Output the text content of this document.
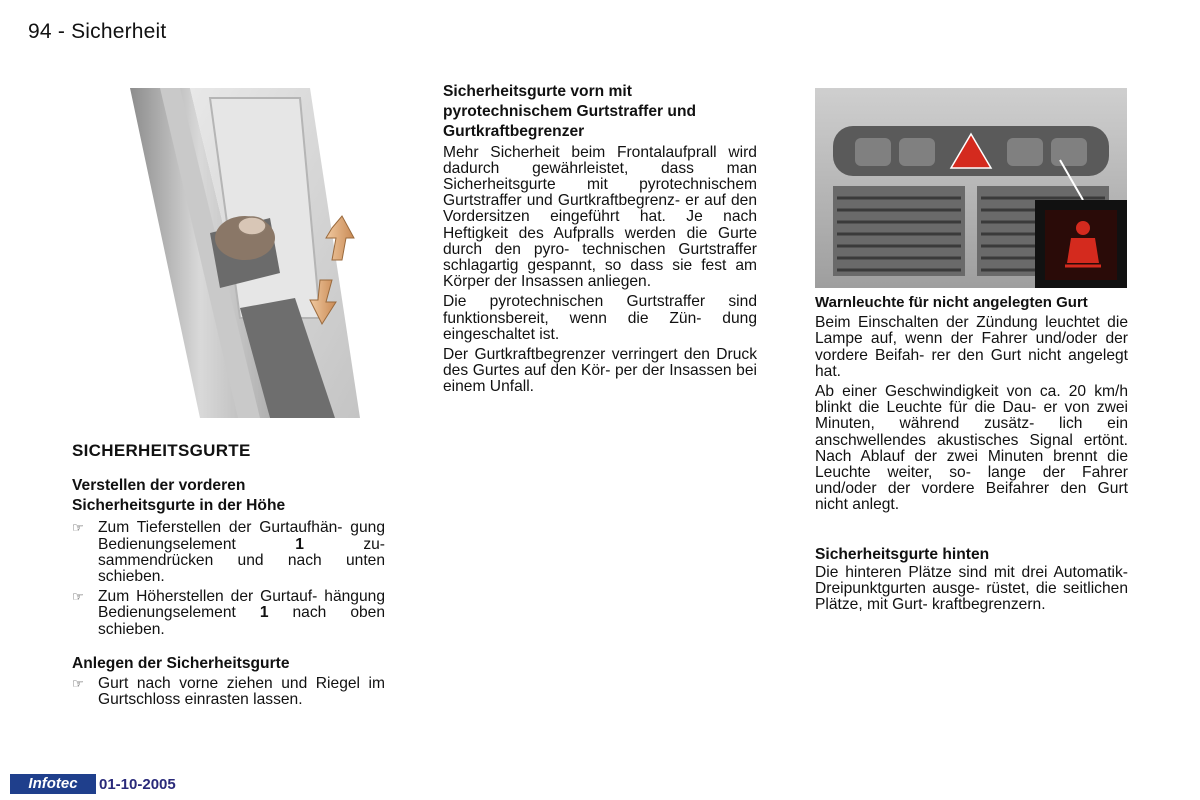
94 - Sicherheit
SICHERHEITSGURTE

Verstellen der vorderen

Sicherheitsgurte in der Höhe

☞ Zum Tieferstellen der Gurtaufhän- gung Bedienungselement 1 zu- sammendrücken und nach unten schieben.
☞ Zum Höherstellen der Gurtauf- hängung Bedienungselement 1 nach oben schieben.

Anlegen der Sicherheitsgurte

☞ Gurt nach vorne ziehen und Riegel im Gurtschloss einrasten lassen.

Sicherheitsgurte vorn mit

pyrotechnischem Gurtstraffer und

Gurtkraftbegrenzer

Mehr Sicherheit beim Frontalaufprall wird dadurch gewährleistet, dass man Sicherheitsgurte mit pyrotechnischem Gurtstraffer und Gurtkraftbegrenz- er auf den Vordersitzen eingeführt hat. Je nach Heftigkeit des Aufpralls werden die Gurte durch den pyro- technischen Gurtstraffer schlagartig gespannt, so dass sie fest am Körper der Insassen anliegen.

Die pyrotechnischen Gurtstraffer sind funktionsbereit, wenn die Zün- dung eingeschaltet ist.

Der Gurtkraftbegrenzer verringert den Druck des Gurtes auf den Kör- per der Insassen bei einem Unfall.

Warnleuchte für nicht angelegten Gurt

Beim Einschalten der Zündung leuchtet die Lampe auf, wenn der Fahrer und/oder der vordere Beifah- rer den Gurt nicht angelegt hat.

Ab einer Geschwindigkeit von ca. 20 km/h blinkt die Leuchte für die Dau- er von zwei Minuten, während zusätz- lich ein anschwellendes akustisches Signal ertönt. Nach Ablauf der zwei Minuten brennt die Leuchte weiter, so- lange der Fahrer und/oder der vordere Beifahrer den Gurt nicht anlegt.

Sicherheitsgurte hinten

Die hinteren Plätze sind mit drei Automatik-Dreipunktgurten ausge- rüstet, die seitlichen Plätze, mit Gurt- kraftbegrenzern.

Infotec	01-10-2005
